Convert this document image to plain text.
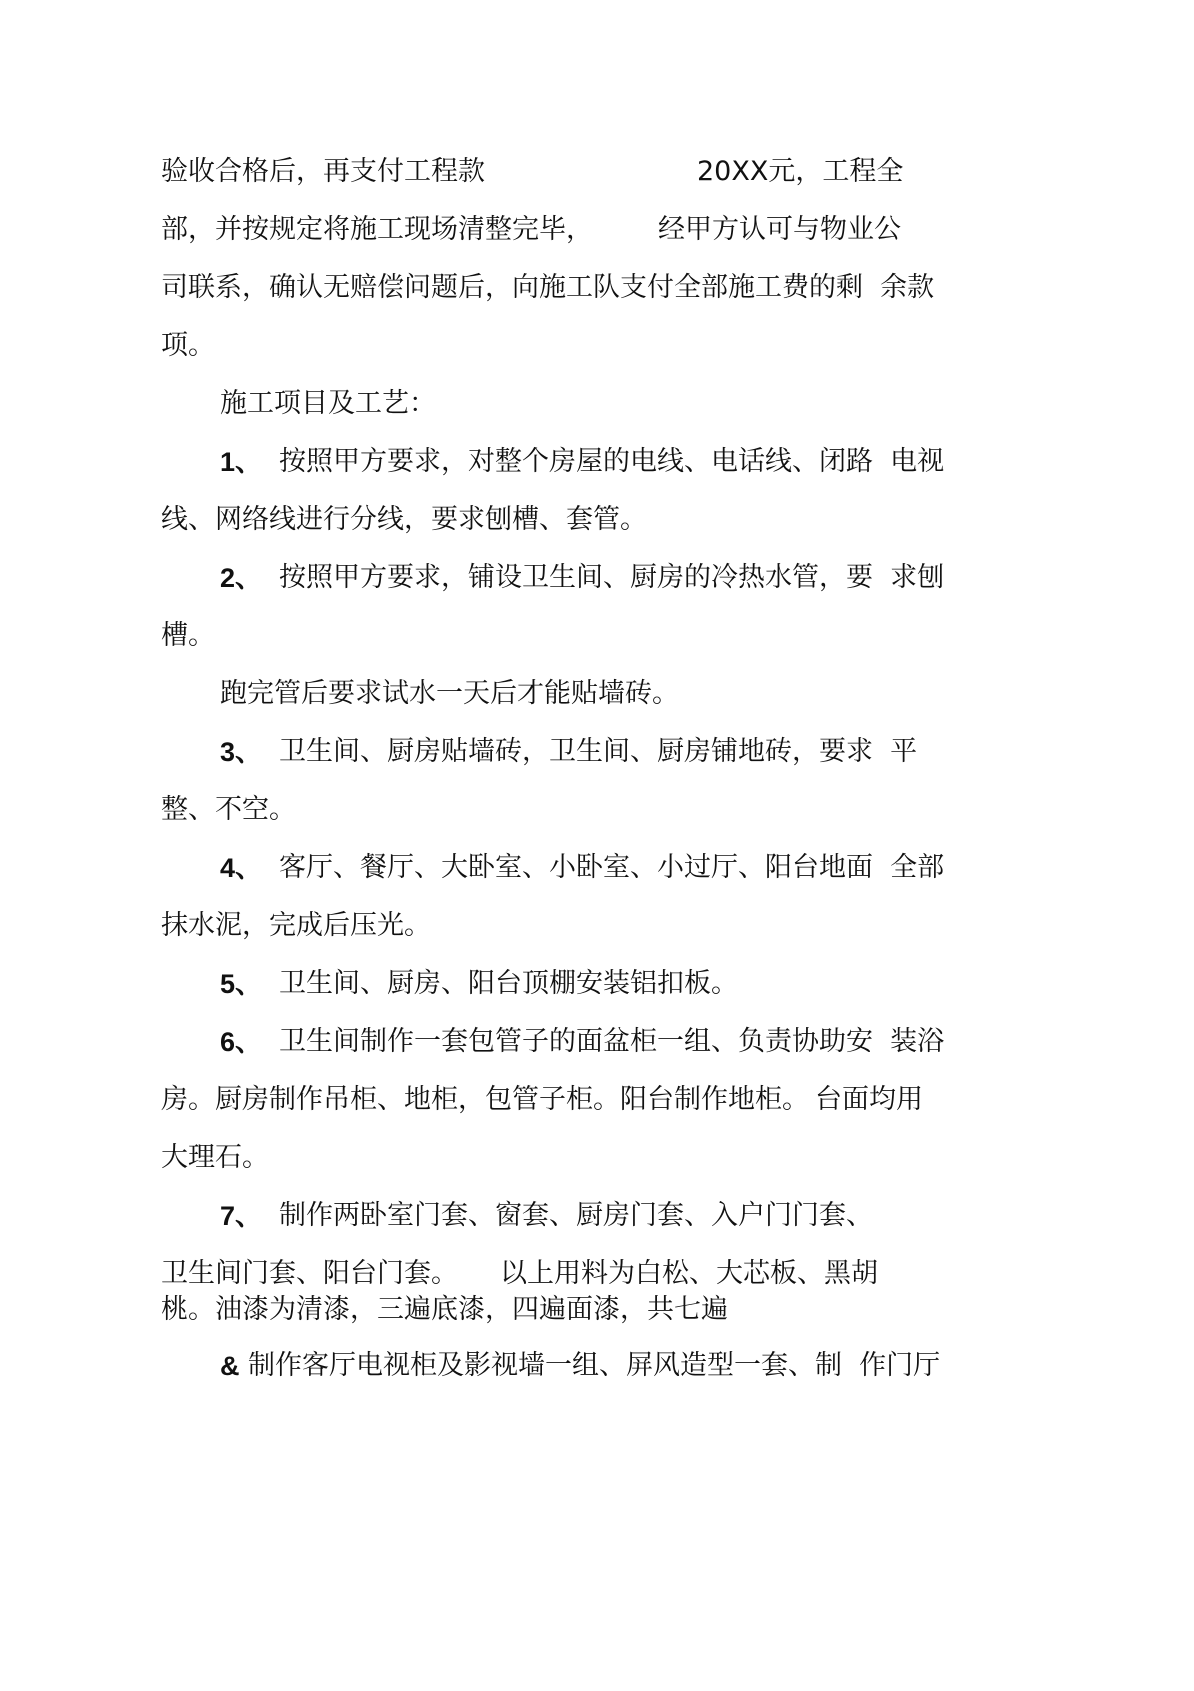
验收合格后，再支付工程款	20XX元，工程全
部，并按规定将施工现场清整完毕， 经甲方认可与物业公
司联系，确认无赔偿问题后，向施工队支付全部施工费的剩  余款
项。
施工项目及工艺：
1、 按照甲方要求，对整个房屋的电线、电话线、闭路  电视
线、网络线进行分线，要求刨槽、套管。
2、 按照甲方要求，铺设卫生间、厨房的冷热水管，要  求刨
槽。
跑完管后要求试水一天后才能贴墙砖。
3、 卫生间、厨房贴墙砖，卫生间、厨房铺地砖，要求  平
整、不空。
4、 客厅、餐厅、大卧室、小卧室、小过厅、阳台地面  全部
抹水泥，完成后压光。
5、 卫生间、厨房、阳台顶棚安装铝扣板。
6、 卫生间制作一套包管子的面盆柜一组、负责协助安  装浴
房。厨房制作吊柜、地柜，包管子柜。阳台制作地柜。 台面均用
大理石。
7、 制作两卧室门套、窗套、厨房门套、入户门门套、
卫生间门套、阳台门套。 以上用料为白松、大芯板、黑胡
桃。油漆为清漆，三遍底漆，四遍面漆，共七遍
& 制作客厅电视柜及影视墙一组、屏风造型一套、制  作门厅
